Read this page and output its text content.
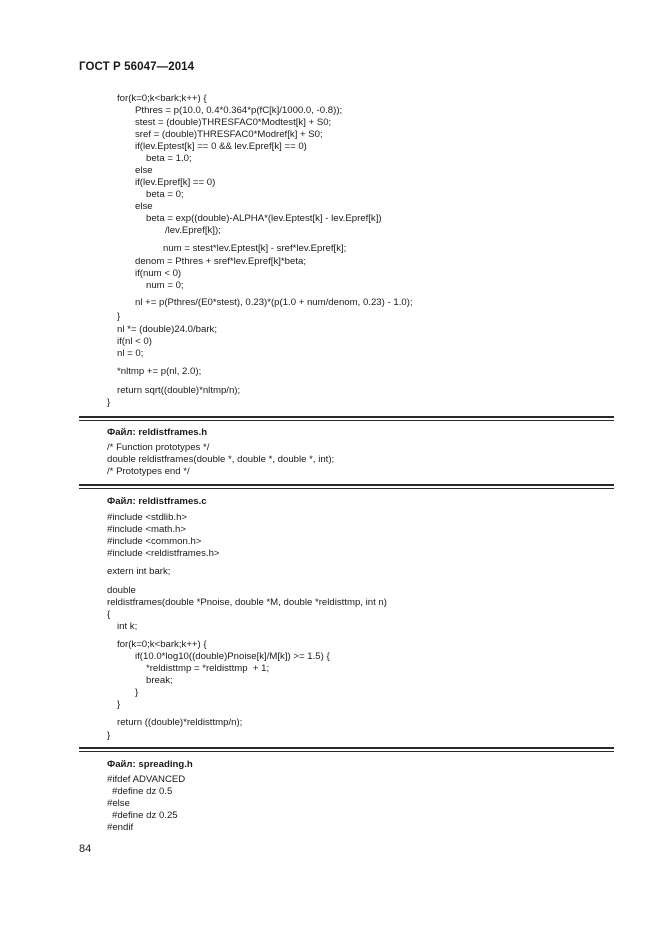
ГОСТ Р 56047—2014
for(k=0;k<bark;k++) {
Pthres = p(10.0, 0.4*0.364*p(fC[k]/1000.0, -0.8));
stest = (double)THRESFAC0*Modtest[k] + S0;
sref = (double)THRESFAC0*Modref[k] + S0;
if(lev.Eptest[k] == 0 && lev.Epref[k] == 0)
beta = 1.0;
else
if(lev.Epref[k] == 0)
beta = 0;
else
beta = exp((double)-ALPHA*(lev.Eptest[k] - lev.Epref[k])
/lev.Epref[k]);
num = stest*lev.Eptest[k] - sref*lev.Epref[k];
denom = Pthres + sref*lev.Epref[k]*beta;
if(num < 0)
num = 0;
nl += p(Pthres/(E0*stest), 0.23)*(p(1.0 + num/denom, 0.23) - 1.0);
}
nl *= (double)24.0/bark;
if(nl < 0)
nl = 0;
*nltmp += p(nl, 2.0);
return sqrt((double)*nltmp/n);
}
Файл: reldistframes.h
/* Function prototypes */
double reldistframes(double *, double *, double *, int);
/* Prototypes end */
Файл: reldistframes.c
#include <stdlib.h>
#include <math.h>
#include <common.h>
#include <reldistframes.h>
extern int bark;
double
reldistframes(double *Pnoise, double *M, double *reldisttmp, int n)
{
int k;
for(k=0;k<bark;k++) {
if(10.0*log10((double)Pnoise[k]/M[k]) >= 1.5) {
*reldisttmp = *reldisttmp  + 1;
break;
}
}
return ((double)*reldisttmp/n);
}
Файл: spreading.h
#ifdef ADVANCED
#define dz 0.5
#else
#define dz 0.25
#endif
84
